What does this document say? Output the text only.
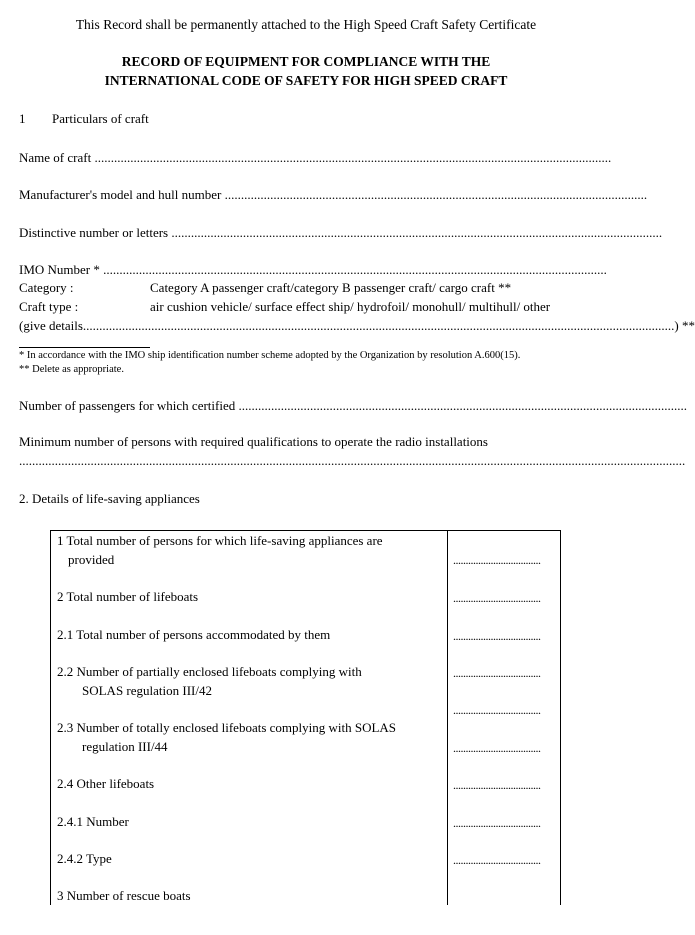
This Record shall be permanently attached to the High Speed Craft Safety Certificate
RECORD OF EQUIPMENT FOR COMPLIANCE WITH THE
INTERNATIONAL CODE OF SAFETY FOR HIGH SPEED CRAFT
1 Particulars of craft
Name of craft ...............................................................................................................................................................
Manufacturer's model and hull number ..................................................................................................................................
Distinctive number or letters .......................................................................................................................................................
IMO Number * ...........................................................................................................................................................
Category :	Category A passenger craft/category B passenger craft/ cargo craft **
Craft type :	air cushion vehicle/ surface effect ship/ hydrofoil/ monohull/ multihull/ other
(give details ...................................................................................................................................................................................... ) **
* In accordance with the IMO ship identification number scheme adopted by the Organization by resolution A.600(15).
** Delete as appropriate.
Number of passengers for which certified ..........................................................................................................................................
Minimum number of persons with required qualifications to operate the radio installations
.............................................................................................................................................................................................................
2. Details of life-saving appliances
1 Total number of persons for which life-saving appliances are
provided	...................................
2 Total number of lifeboats	...................................
2.1 Total number of persons accommodated by them	...................................
2.2 Number of partially enclosed lifeboats complying with
SOLAS regulation III/42
...................................
...................................
2.3 Number of totally enclosed lifeboats complying with SOLAS
regulation III/44	...................................
2.4 Other lifeboats	...................................
2.4.1 Number	...................................
2.4.2 Type	...................................
3 Number of rescue boats
